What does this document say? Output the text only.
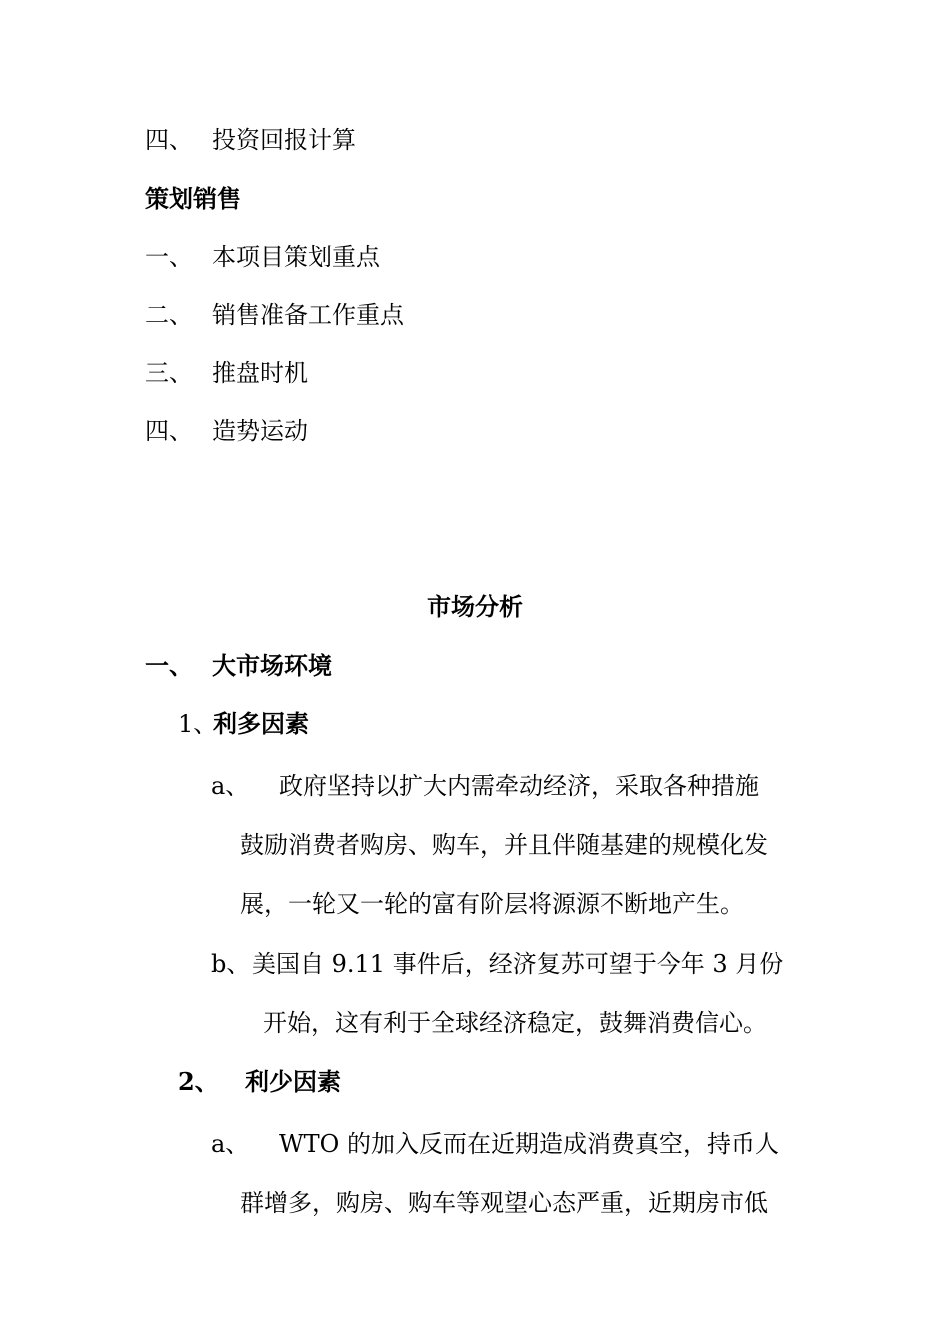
四、 投资回报计算
策划销售
一、 本项目策划重点
二、 销售准备工作重点
三、 推盘时机
四、 造势运动
市场分析
一、 大市场环境
1、
利多因素
a、 政府坚持以扩大内需牵动经济，采取各种措施
鼓励消费者购房、购车，并且伴随基建的规模化发
展，一轮又一轮的富有阶层将源源不断地产生。
b、 美国自 9.11 事件后，经济复苏可望于今年 3 月份
开始，这有利于全球经济稳定，鼓舞消费信心。
2、 利少因素
a、 WTO 的加入反而在近期造成消费真空，持币人
群增多，购房、购车等观望心态严重，近期房市低
